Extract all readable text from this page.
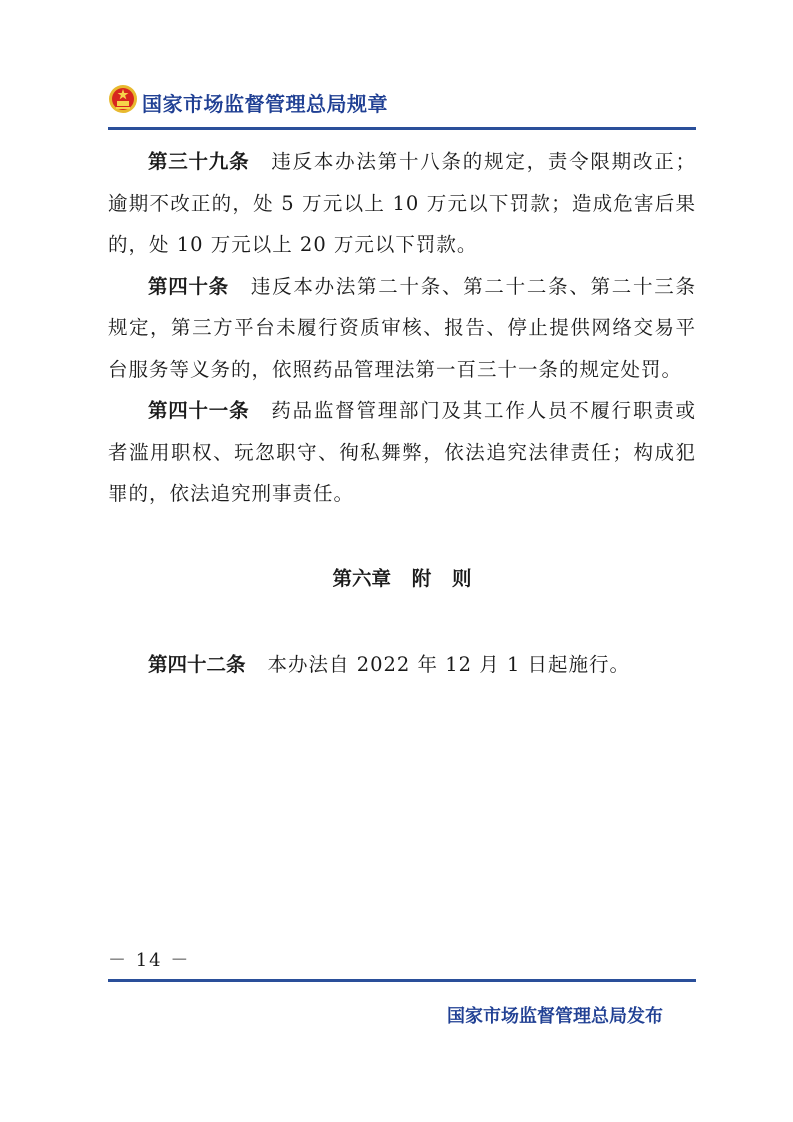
国家市场监督管理总局规章

第三十九条 违反本办法第十八条的规定，责令限期改正；逾期不改正的，处 5 万元以上 10 万元以下罚款；造成危害后果的，处 10 万元以上 20 万元以下罚款。

第四十条 违反本办法第二十条、第二十二条、第二十三条规定，第三方平台未履行资质审核、报告、停止提供网络交易平台服务等义务的，依照药品管理法第一百三十一条的规定处罚。

第四十一条 药品监督管理部门及其工作人员不履行职责或者滥用职权、玩忽职守、徇私舞弊，依法追究法律责任；构成犯罪的，依法追究刑事责任。

第六章 附 则

第四十二条 本办法自 2022 年 12 月 1 日起施行。

－ 14 －
国家市场监督管理总局发布
